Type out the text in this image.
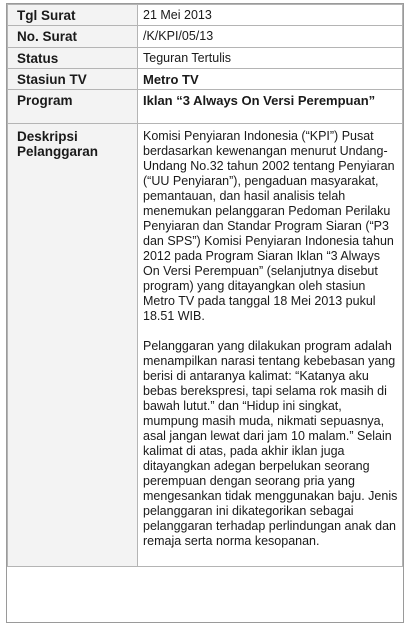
Tgl Surat	21 Mei 2013
No. Surat	/K/KPI/05/13
Status	Teguran Tertulis
Stasiun TV	Metro TV
Program	Iklan “3 Always On Versi Perempuan”
Deskripsi Pelanggaran	Komisi Penyiaran Indonesia (“KPI”) Pusat berdasarkan kewenangan menurut Undang-Undang No.32 tahun 2002 tentang Penyiaran (“UU Penyiaran”), pengaduan masyarakat, pemantauan, dan hasil analisis telah menemukan pelanggaran Pedoman Perilaku Penyiaran dan Standar Program Siaran (“P3 dan SPS”) Komisi Penyiaran Indonesia tahun 2012 pada Program Siaran Iklan “3 Always On Versi Perempuan” (selanjutnya disebut program) yang ditayangkan oleh stasiun Metro TV pada tanggal 18 Mei 2013 pukul 18.51 WIB.

Pelanggaran yang dilakukan program adalah menampilkan narasi tentang kebebasan yang berisi di antaranya kalimat: “Katanya aku bebas berekspresi, tapi selama rok masih di bawah lutut.” dan “Hidup ini singkat, mumpung masih muda, nikmati sepuasnya, asal jangan lewat dari jam 10 malam.” Selain kalimat di atas, pada akhir iklan juga ditayangkan adegan berpelukan seorang perempuan dengan seorang pria yang mengesankan tidak menggunakan baju. Jenis pelanggaran ini dikategorikan sebagai pelanggaran terhadap perlindungan anak dan remaja serta norma kesopanan.
